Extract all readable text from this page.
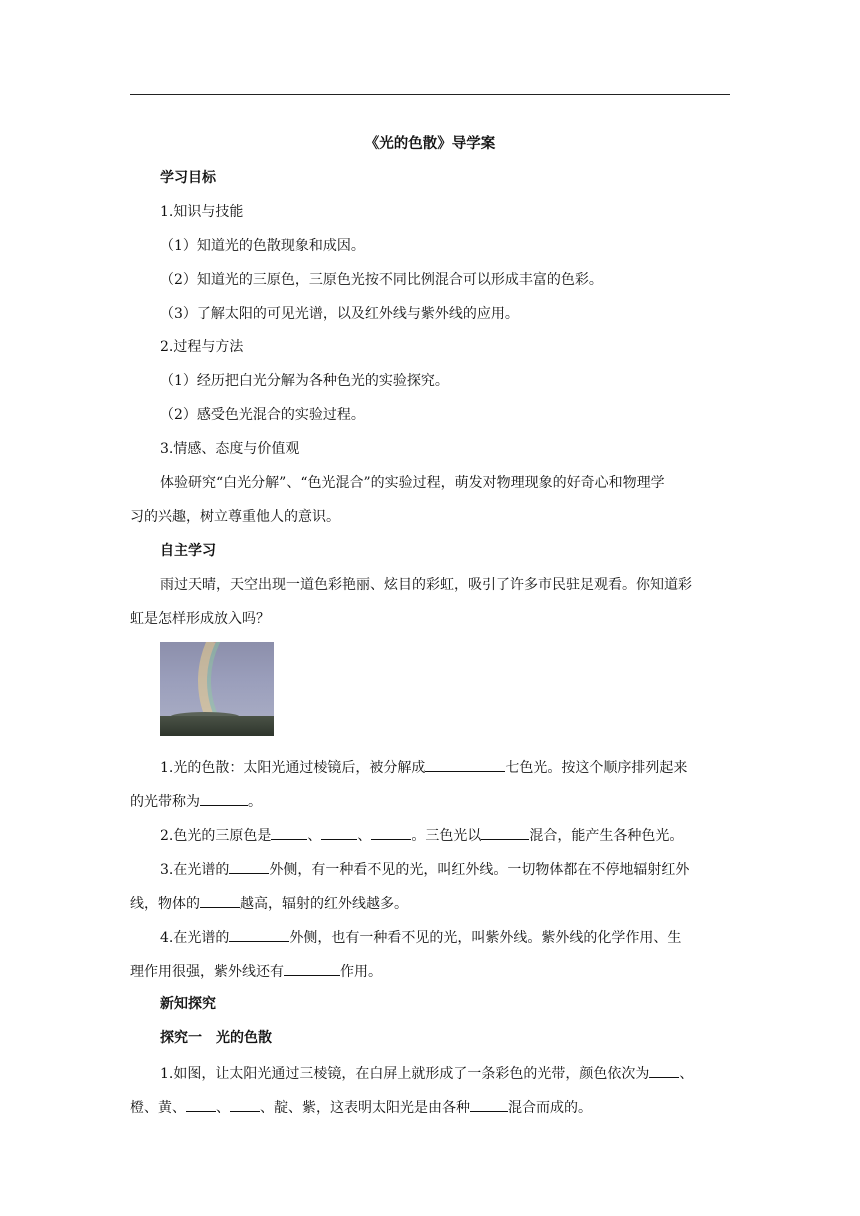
《光的色散》导学案
学习目标
1.知识与技能
（1）知道光的色散现象和成因。
（2）知道光的三原色，三原色光按不同比例混合可以形成丰富的色彩。
（3）了解太阳的可见光谱，以及红外线与紫外线的应用。
2.过程与方法
（1）经历把白光分解为各种色光的实验探究。
（2）感受色光混合的实验过程。
3.情感、态度与价值观
体验研究“白光分解”、“色光混合”的实验过程，萌发对物理现象的好奇心和物理学
习的兴趣，树立尊重他人的意识。
自主学习
雨过天晴，天空出现一道色彩艳丽、炫目的彩虹，吸引了许多市民驻足观看。你知道彩
虹是怎样形成放入吗？
1.光的色散：太阳光通过棱镜后，被分解成	七色光。按这个顺序排列起来
的光带称为	。
2.色光的三原色是	、	、	。三色光以	混合，能产生各种色光。
3.在光谱的	外侧，有一种看不见的光，叫红外线。一切物体都在不停地辐射红外
线，物体的	越高，辐射的红外线越多。
4.在光谱的	外侧，也有一种看不见的光，叫紫外线。紫外线的化学作用、生
理作用很强，紫外线还有	作用。
新知探究
探究一　光的色散
1.如图，让太阳光通过三棱镜，在白屏上就形成了一条彩色的光带，颜色依次为 、
橙、黄、 、 、靛、紫，这表明太阳光是由各种	混合而成的。
